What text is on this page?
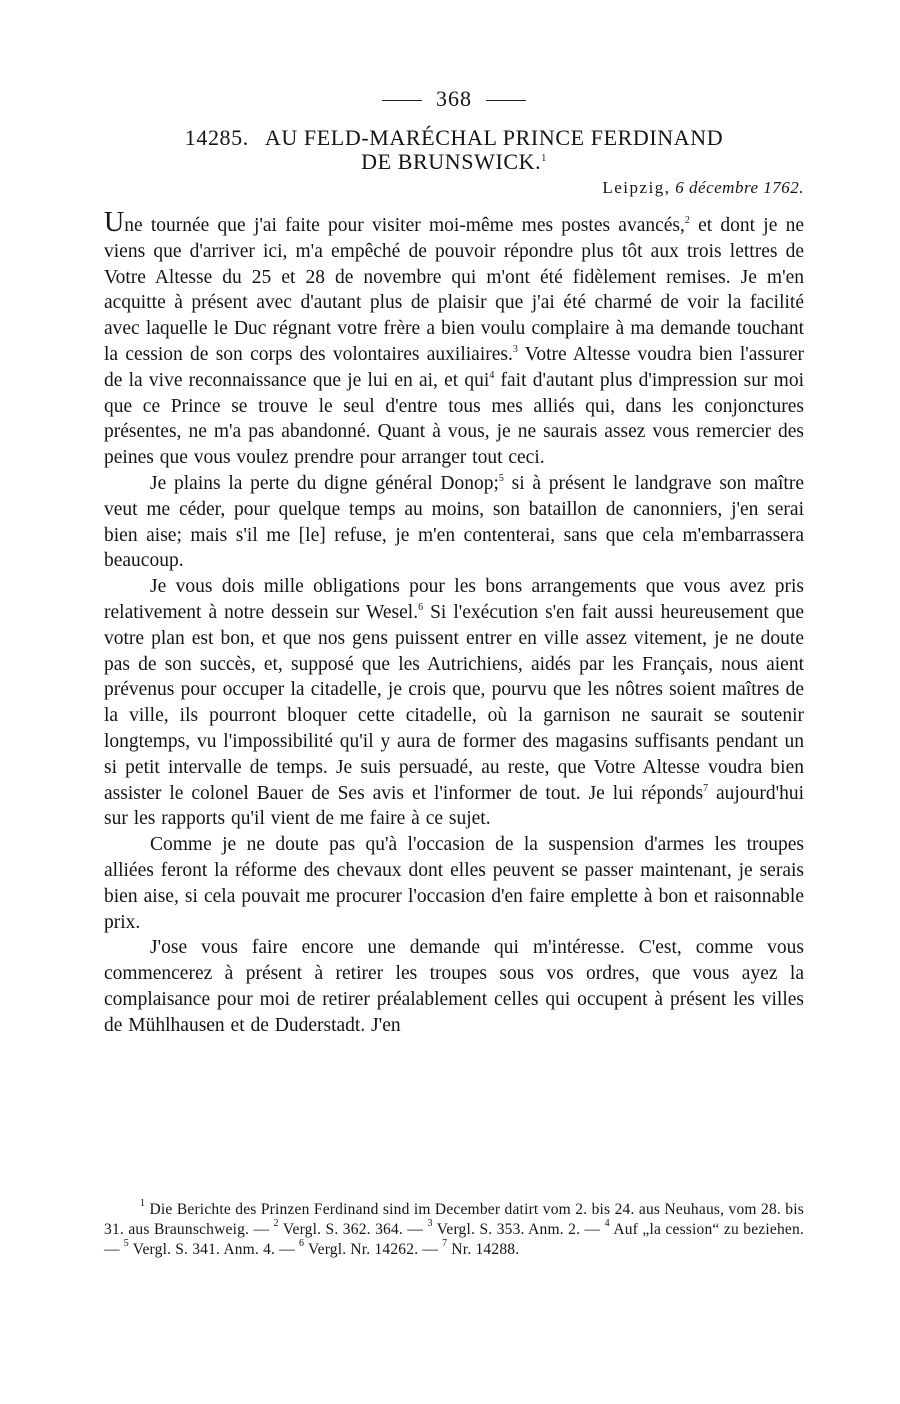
368
14285. AU FELD-MARÉCHAL PRINCE FERDINAND
DE BRUNSWICK.$^1$
Leipzig, 6 décembre 1762.

Une tournée que j'ai faite pour visiter moi-même mes postes avancés,$^2$ et dont je ne viens que d'arriver ici, m'a empêché de pouvoir répondre plus tôt aux trois lettres de Votre Altesse du 25 et 28 de novembre qui m'ont été fidèlement remises. Je m'en acquitte à présent avec d'autant plus de plaisir que j'ai été charmé de voir la facilité avec laquelle le Duc régnant votre frère a bien voulu complaire à ma demande touchant la cession de son corps des volontaires auxiliaires.$^3$ Votre Altesse voudra bien l'assurer de la vive reconnaissance que je lui en ai, et qui$^4$ fait d'autant plus d'impression sur moi que ce Prince se trouve le seul d'entre tous mes alliés qui, dans les conjonctures présentes, ne m'a pas abandonné. Quant à vous, je ne saurais assez vous remercier des peines que vous voulez prendre pour arranger tout ceci.

Je plains la perte du digne général Donop;$^5$ si à présent le landgrave son maître veut me céder, pour quelque temps au moins, son bataillon de canonniers, j'en serai bien aise; mais s'il me [le] refuse, je m'en contenterai, sans que cela m'embarrassera beaucoup.

Je vous dois mille obligations pour les bons arrangements que vous avez pris relativement à notre dessein sur Wesel.$^6$ Si l'exécution s'en fait aussi heureusement que votre plan est bon, et que nos gens puissent entrer en ville assez vitement, je ne doute pas de son succès, et, supposé que les Autrichiens, aidés par les Français, nous aient prévenus pour occuper la citadelle, je crois que, pourvu que les nôtres soient maîtres de la ville, ils pourront bloquer cette citadelle, où la garnison ne saurait se soutenir longtemps, vu l'impossibilité qu'il y aura de former des magasins suffisants pendant un si petit intervalle de temps. Je suis persuadé, au reste, que Votre Altesse voudra bien assister le colonel Bauer de Ses avis et l'informer de tout. Je lui réponds$^7$ aujourd'hui sur les rapports qu'il vient de me faire à ce sujet.

Comme je ne doute pas qu'à l'occasion de la suspension d'armes les troupes alliées feront la réforme des chevaux dont elles peuvent se passer maintenant, je serais bien aise, si cela pouvait me procurer l'occasion d'en faire emplette à bon et raisonnable prix.

J'ose vous faire encore une demande qui m'intéresse. C'est, comme vous commencerez à présent à retirer les troupes sous vos ordres, que vous ayez la complaisance pour moi de retirer préalablement celles qui occupent à présent les villes de Mühlhausen et de Duderstadt. J'en

$^1$ Die Berichte des Prinzen Ferdinand sind im December datirt vom 2. bis 24. aus Neuhaus, vom 28. bis 31. aus Braunschweig. — $^2$ Vergl. S. 362. 364. — $^3$ Vergl. S. 353. Anm. 2. — $^4$ Auf „la cession“ zu beziehen. — $^5$ Vergl. S. 341. Anm. 4. — $^6$ Vergl. Nr. 14262. — $^7$ Nr. 14288.
